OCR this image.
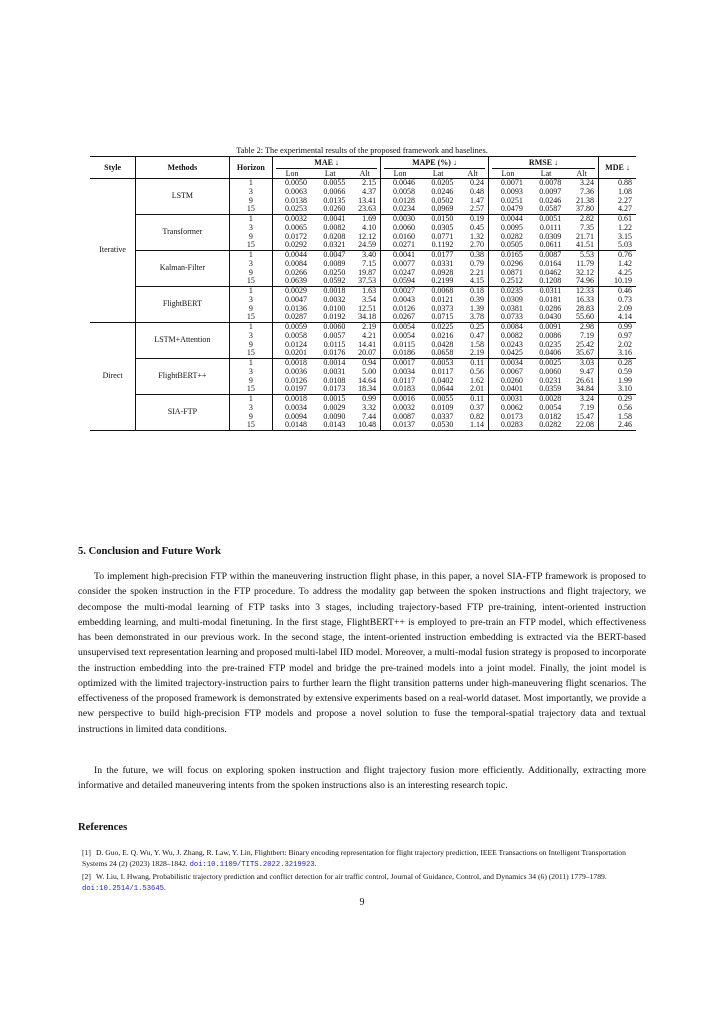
Table 2: The experimental results of the proposed framework and baselines.
Style	Methods	Horizon	MAE ↓			MAPE (%) ↓			RMSE ↓			MDE ↓
			Lon	Lat	Alt	Lon	Lat	Alt	Lon	Lat	Alt	
Iterative	LSTM	1	0.0050	0.0055	2.15	0.0046	0.0205	0.24	0.0071	0.0078	3.24	0.88
		3	0.0063	0.0066	4.37	0.0058	0.0246	0.48	0.0093	0.0097	7.36	1.08
		9	0.0138	0.0135	13.41	0.0128	0.0502	1.47	0.0251	0.0246	21.38	2.27
		15	0.0253	0.0260	23.63	0.0234	0.0969	2.57	0.0479	0.0587	37.80	4.27
	Transformer	1	0.0032	0.0041	1.69	0.0030	0.0150	0.19	0.0044	0.0051	2.82	0.61
		3	0.0065	0.0082	4.10	0.0060	0.0305	0.45	0.0095	0.0111	7.35	1.22
		9	0.0172	0.0208	12.12	0.0160	0.0771	1.32	0.0282	0.0309	21.71	3.15
		15	0.0292	0.0321	24.59	0.0271	0.1192	2.70	0.0505	0.0611	41.51	5.03
	Kalman-Filter	1	0.0044	0.0047	3.40	0.0041	0.0177	0.38	0.0165	0.0087	5.53	0.76
		3	0.0084	0.0089	7.15	0.0077	0.0331	0.79	0.0296	0.0164	11.79	1.42
		9	0.0266	0.0250	19.87	0.0247	0.0928	2.21	0.0871	0.0462	32.12	4.25
		15	0.0639	0.0592	37.53	0.0594	0.2199	4.15	0.2512	0.1208	74.96	10.19
	FlightBERT	1	0.0029	0.0018	1.63	0.0027	0.0068	0.18	0.0235	0.0311	12.33	0.46
		3	0.0047	0.0032	3.54	0.0043	0.0121	0.39	0.0309	0.0181	16.33	0.73
		9	0.0136	0.0100	12.51	0.0126	0.0373	1.39	0.0381	0.0286	28.83	2.09
		15	0.0287	0.0192	34.18	0.0267	0.0715	3.78	0.0733	0.0430	55.60	4.14
Direct	LSTM+Attention	1	0.0059	0.0060	2.19	0.0054	0.0225	0.25	0.0084	0.0091	2.98	0.99
		3	0.0058	0.0057	4.21	0.0054	0.0216	0.47	0.0082	0.0086	7.19	0.97
		9	0.0124	0.0115	14.41	0.0115	0.0428	1.58	0.0243	0.0235	25.42	2.02
		15	0.0201	0.0176	20.07	0.0186	0.0658	2.19	0.0425	0.0406	35.67	3.16
	FlightBERT++	1	0.0018	0.0014	0.94	0.0017	0.0053	0.11	0.0034	0.0025	3.03	0.28
		3	0.0036	0.0031	5.00	0.0034	0.0117	0.56	0.0067	0.0060	9.47	0.59
		9	0.0126	0.0108	14.64	0.0117	0.0402	1.62	0.0260	0.0231	26.61	1.99
		15	0.0197	0.0173	18.34	0.0183	0.0644	2.01	0.0401	0.0359	34.84	3.10
	SIA-FTP	1	0.0018	0.0015	0.99	0.0016	0.0055	0.11	0.0031	0.0028	3.24	0.29
		3	0.0034	0.0029	3.32	0.0032	0.0109	0.37	0.0062	0.0054	7.19	0.56
		9	0.0094	0.0090	7.44	0.0087	0.0337	0.82	0.0173	0.0182	15.47	1.58
		15	0.0148	0.0143	10.48	0.0137	0.0530	1.14	0.0283	0.0282	22.08	2.46
5. Conclusion and Future Work

To implement high-precision FTP within the maneuvering instruction flight phase, in this paper, a novel SIA-FTP framework is proposed to consider the spoken instruction in the FTP procedure. To address the modality gap between the spoken instructions and flight trajectory, we decompose the multi-modal learning of FTP tasks into 3 stages, including trajectory-based FTP pre-training, intent-oriented instruction embedding learning, and multi-modal finetuning. In the first stage, FlightBERT++ is employed to pre-train an FTP model, which effectiveness has been demonstrated in our previous work. In the second stage, the intent-oriented instruction embedding is extracted via the BERT-based unsupervised text representation learning and proposed multi-label IID model. Moreover, a multi-modal fusion strategy is proposed to incorporate the instruction embedding into the pre-trained FTP model and bridge the pre-trained models into a joint model. Finally, the joint model is optimized with the limited trajectory-instruction pairs to further learn the flight transition patterns under high-maneuvering flight scenarios. The effectiveness of the proposed framework is demonstrated by extensive experiments based on a real-world dataset. Most importantly, we provide a new perspective to build high-precision FTP models and propose a novel solution to fuse the temporal-spatial trajectory data and textual instructions in limited data conditions.

In the future, we will focus on exploring spoken instruction and flight trajectory fusion more efficiently. Additionally, extracting more informative and detailed maneuvering intents from the spoken instructions also is an interesting research topic.

References

[1] D. Guo, E. Q. Wu, Y. Wu, J. Zhang, R. Law, Y. Lin, Flightbert: Binary encoding representation for flight trajectory prediction, IEEE Transactions on Intelligent Transportation Systems 24 (2) (2023) 1828–1842. doi:10.1109/TITS.2022.3219923.

[2] W. Liu, I. Hwang, Probabilistic trajectory prediction and conflict detection for air traffic control, Journal of Guidance, Control, and Dynamics 34 (6) (2011) 1779–1789. doi:10.2514/1.53645.

9
